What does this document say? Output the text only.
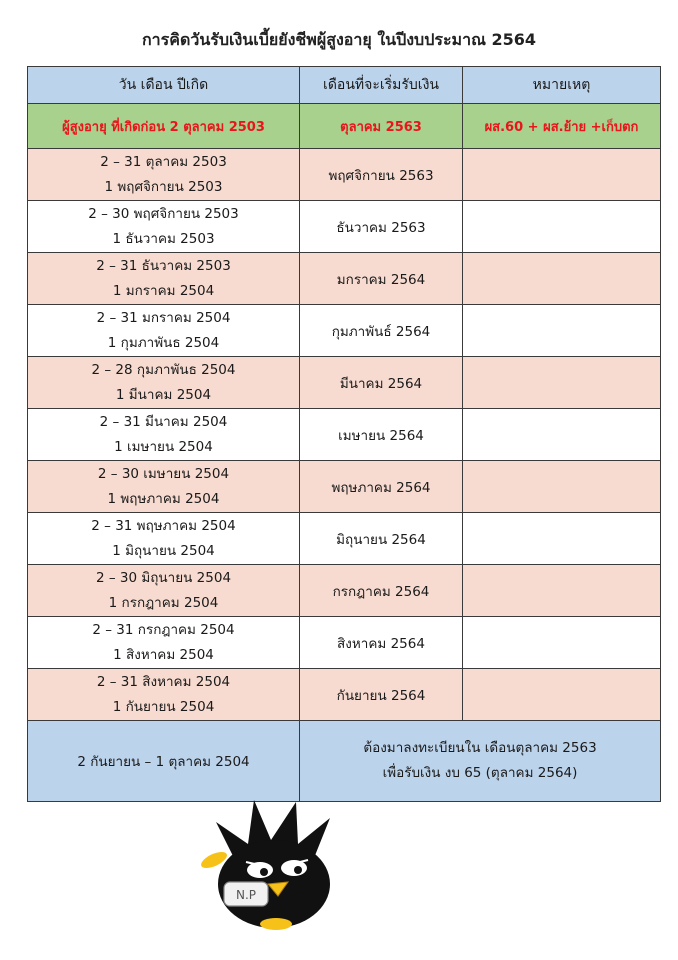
การคิดวันรับเงินเบี้ยยังชีพผู้สูงอายุ ในปีงบประมาณ 2564
วัน เดือน ปีเกิด	เดือนที่จะเริ่มรับเงิน	หมายเหตุ
ผู้สูงอายุ ที่เกิดก่อน 2 ตุลาคม 2503	ตุลาคม 2563	ผส.60 + ผส.ย้าย +เก็บตก

2 – 31 ตุลาคม 2503
1 พฤศจิกายน 2503	พฤศจิกายน 2563	

2 – 30 พฤศจิกายน 2503
1 ธันวาคม 2503	ธันวาคม 2563	

2 – 31 ธันวาคม 2503
1 มกราคม 2504	มกราคม 2564	

2 – 31 มกราคม 2504
1 กุมภาพันธ 2504	กุมภาพันธ์ 2564	

2 – 28 กุมภาพันธ 2504
1 มีนาคม 2504	มีนาคม 2564	

2 – 31 มีนาคม 2504
1 เมษายน 2504	เมษายน 2564	

2 – 30 เมษายน 2504
1 พฤษภาคม 2504	พฤษภาคม 2564	

2 – 31 พฤษภาคม 2504
1 มิถุนายน 2504	มิถุนายน 2564	

2 – 30 มิถุนายน 2504
1 กรกฎาคม 2504	กรกฎาคม 2564	

2 – 31 กรกฎาคม 2504
1 สิงหาคม 2504	สิงหาคม 2564	

2 – 31 สิงหาคม 2504
1 กันยายน 2504	กันยายน 2564	
2 กันยายน – 1 ตุลาคม 2504	ต้องมาลงทะเบียนใน เดือนตุลาคม 2563
เพื่อรับเงิน งบ 65 (ตุลาคม 2564)	
N.P
